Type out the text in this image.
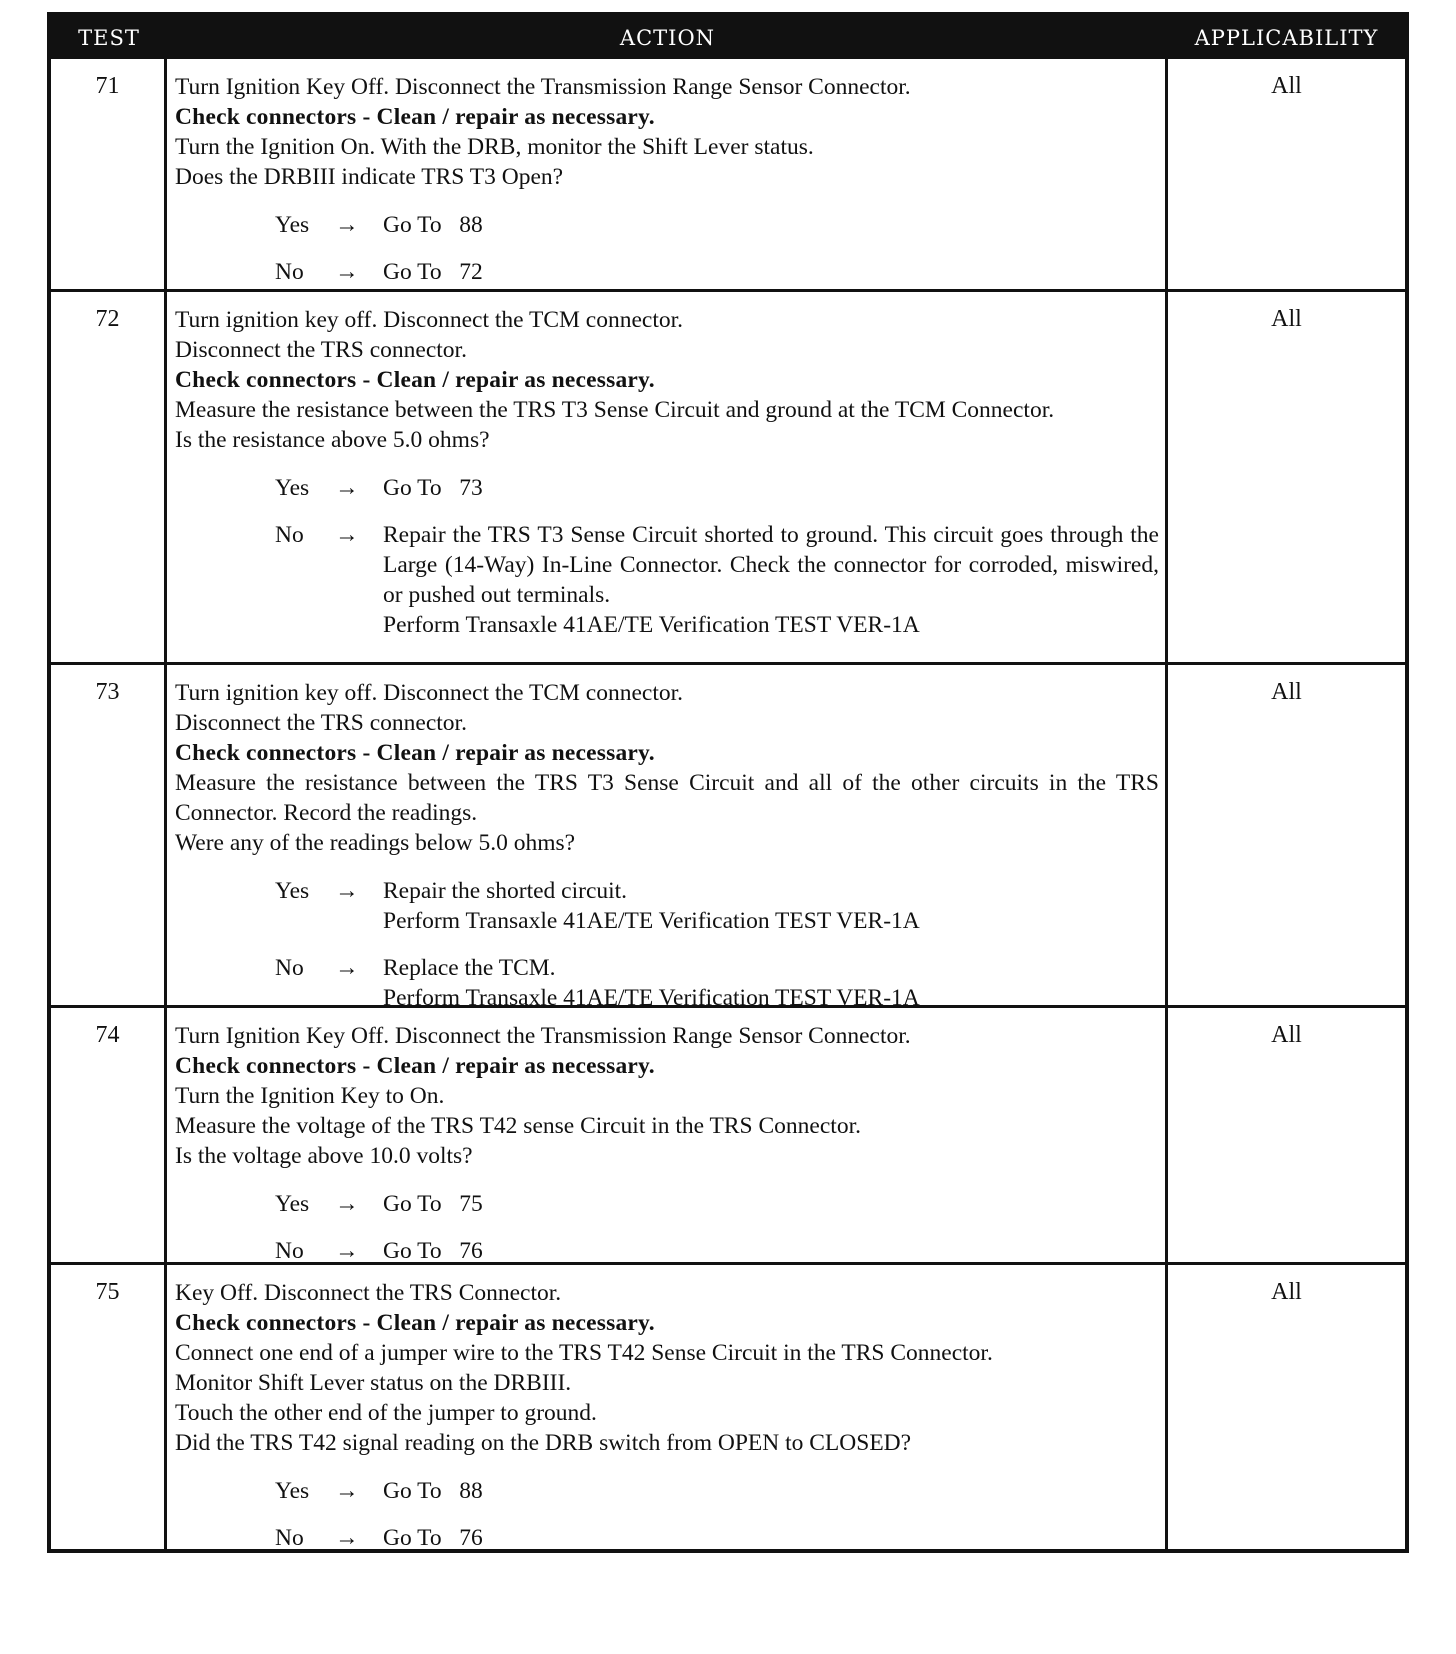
TEST	ACTION	APPLICABILITY
71	Turn Ignition Key Off. Disconnect the Transmission Range Sensor Connector.
Check connectors - Clean / repair as necessary.
Turn the Ignition On. With the DRB, monitor the Shift Lever status.
Does the DRBIII indicate TRS T3 Open?
Yes	→	Go To   88
No	→	Go To   72
All
72	Turn ignition key off. Disconnect the TCM connector.
Disconnect the TRS connector.
Check connectors - Clean / repair as necessary.
Measure the resistance between the TRS T3 Sense Circuit and ground at the TCM Connector.
Is the resistance above 5.0 ohms?
Yes	→	Go To   73
No	→	Repair the TRS T3 Sense Circuit shorted to ground. This circuit goes through the Large (14-Way) In-Line Connector. Check the connector for corroded, miswired, or pushed out terminals.
Perform Transaxle 41AE/TE Verification TEST VER-1A
All
73	Turn ignition key off. Disconnect the TCM connector.
Disconnect the TRS connector.
Check connectors - Clean / repair as necessary.
Measure the resistance between the TRS T3 Sense Circuit and all of the other circuits in the TRS Connector. Record the readings.
Were any of the readings below 5.0 ohms?
Yes	→	Repair the shorted circuit.
Perform Transaxle 41AE/TE Verification TEST VER-1A
No	→	Replace the TCM.
Perform Transaxle 41AE/TE Verification TEST VER-1A
All
74	Turn Ignition Key Off. Disconnect the Transmission Range Sensor Connector.
Check connectors - Clean / repair as necessary.
Turn the Ignition Key to On.
Measure the voltage of the TRS T42 sense Circuit in the TRS Connector.
Is the voltage above 10.0 volts?
Yes	→	Go To   75
No	→	Go To   76
All
75	Key Off. Disconnect the TRS Connector.
Check connectors - Clean / repair as necessary.
Connect one end of a jumper wire to the TRS T42 Sense Circuit in the TRS Connector.
Monitor Shift Lever status on the DRBIII.
Touch the other end of the jumper to ground.
Did the TRS T42 signal reading on the DRB switch from OPEN to CLOSED?
Yes	→	Go To   88
No	→	Go To   76
All
